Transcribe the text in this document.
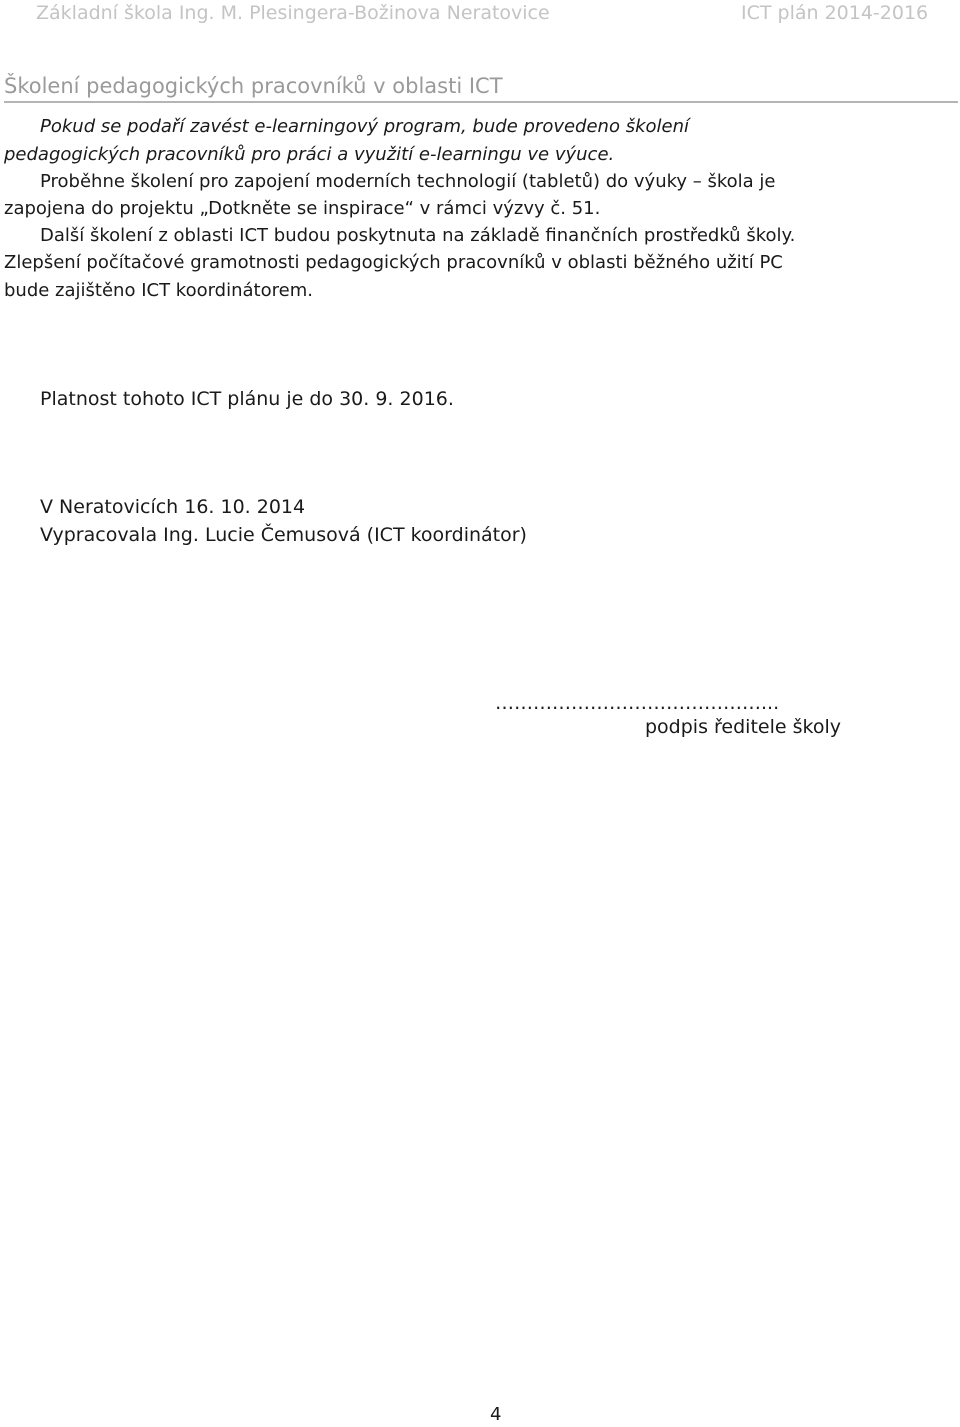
Základní škola Ing. M. Plesingera-Božinova Neratovice	ICT plán 2014-2016
Školení pedagogických pracovníků v oblasti ICT
Pokud se podaří zavést e-learningový program, bude provedeno školení
pedagogických pracovníků pro práci a využití e-learningu ve výuce.
Proběhne školení pro zapojení moderních technologií (tabletů) do výuky – škola je
zapojena do projektu „Dotkněte se inspirace“ v rámci výzvy č. 51.
Další školení z oblasti ICT budou poskytnuta na základě finančních prostředků školy.
Zlepšení počítačové gramotnosti pedagogických pracovníků v oblasti běžného užití PC
bude zajištěno ICT koordinátorem.
Platnost tohoto ICT plánu je do 30. 9. 2016.
V Neratovicích 16. 10. 2014
Vypracovala Ing. Lucie Čemusová (ICT koordinátor)
……………………………………...
podpis ředitele školy
4
